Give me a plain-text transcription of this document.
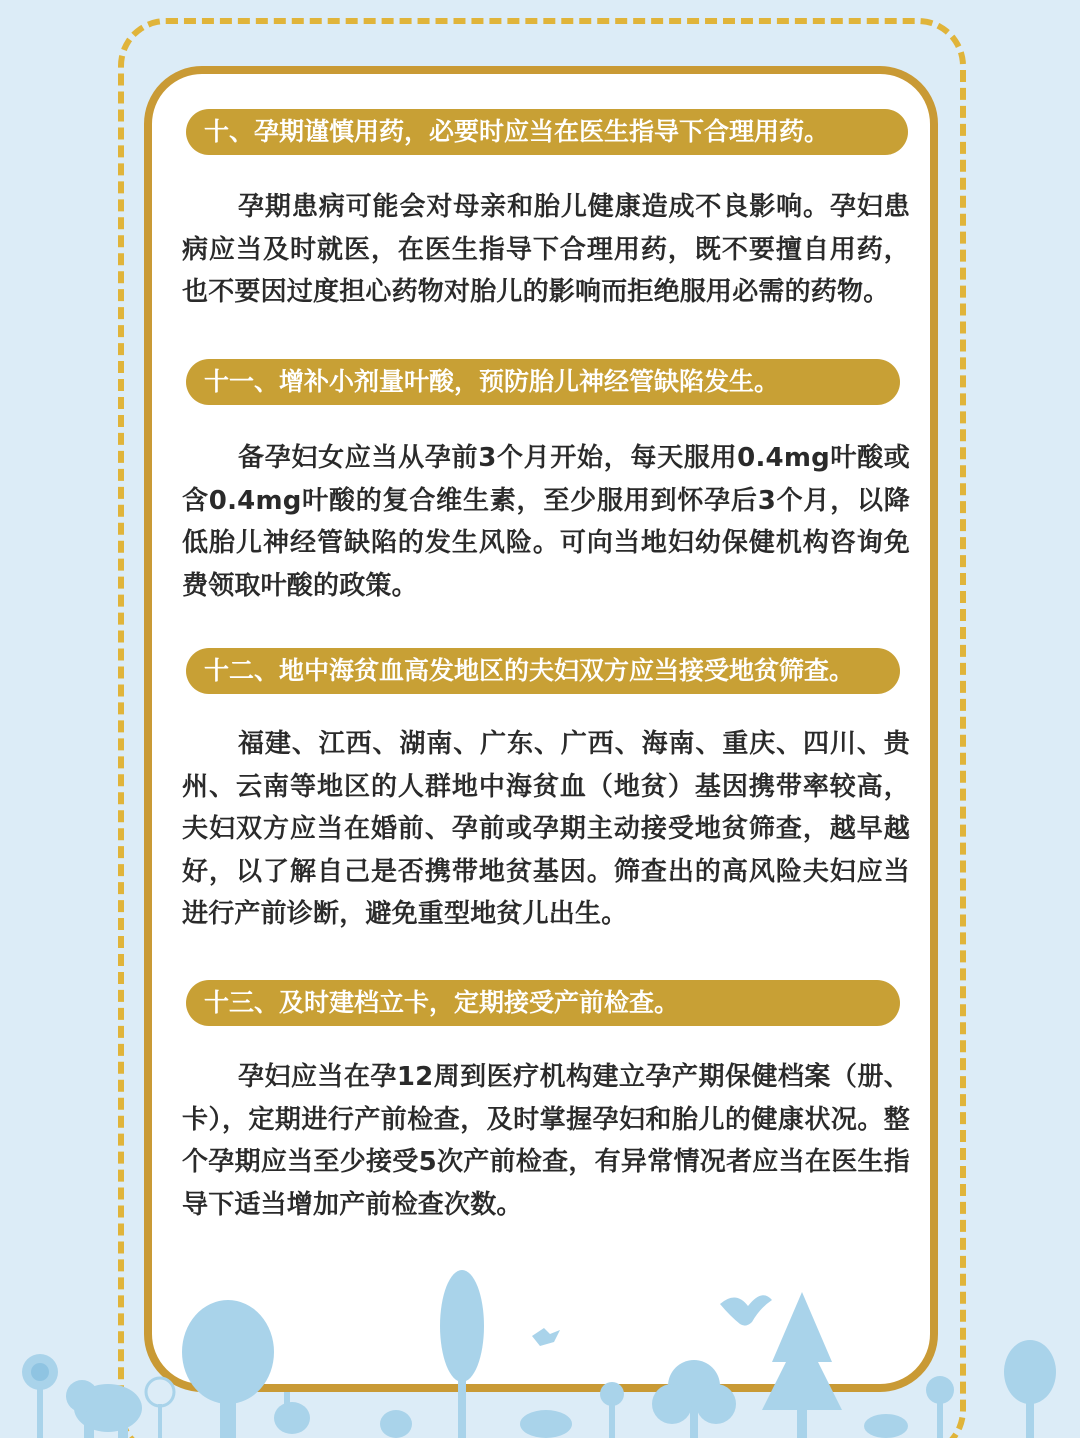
十、孕期谨慎用药，必要时应当在医生指导下合理用药。
孕期患病可能会对母亲和胎儿健康造成不良影响。孕妇患病应当及时就医，在医生指导下合理用药，既不要擅自用药，也不要因过度担心药物对胎儿的影响而拒绝服用必需的药物。
十一、增补小剂量叶酸，预防胎儿神经管缺陷发生。
备孕妇女应当从孕前3个月开始，每天服用0.4mg叶酸或含0.4mg叶酸的复合维生素，至少服用到怀孕后3个月，以降低胎儿神经管缺陷的发生风险。可向当地妇幼保健机构咨询免费领取叶酸的政策。
十二、地中海贫血高发地区的夫妇双方应当接受地贫筛查。
福建、江西、湖南、广东、广西、海南、重庆、四川、贵州、云南等地区的人群地中海贫血（地贫）基因携带率较高，夫妇双方应当在婚前、孕前或孕期主动接受地贫筛查，越早越好，以了解自己是否携带地贫基因。筛查出的高风险夫妇应当进行产前诊断，避免重型地贫儿出生。
十三、及时建档立卡，定期接受产前检查。
孕妇应当在孕12周到医疗机构建立孕产期保健档案（册、卡），定期进行产前检查，及时掌握孕妇和胎儿的健康状况。整个孕期应当至少接受5次产前检查，有异常情况者应当在医生指导下适当增加产前检查次数。
